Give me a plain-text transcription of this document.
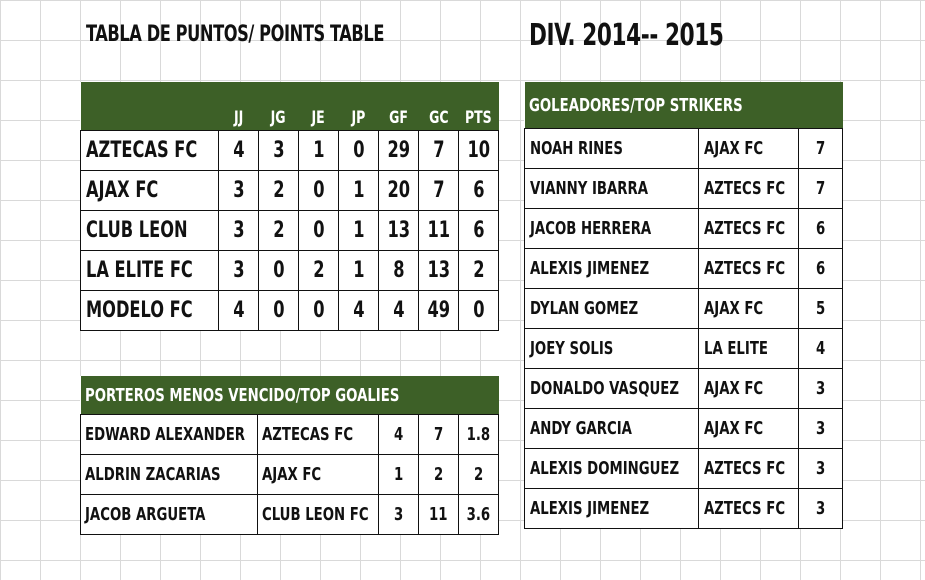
TABLA DE PUNTOS/ POINTS TABLE	DIV. 2014-- 2015
	JJ	JG	JE	JP	GF	GC	PTS
AZTECAS FC	4	3	1	0	29	7	10
AJAX FC	3	2	0	1	20	7	6
CLUB LEON	3	2	0	1	13	11	6
LA ELITE FC	3	0	2	1	8	13	2
MODELO FC	4	0	0	4	4	49	0
PORTEROS MENOS VENCIDO/TOP GOALIES				
EDWARD ALEXANDER	AZTECAS FC	4	7	1.8
ALDRIN ZACARIAS	AJAX FC	1	2	2
JACOB ARGUETA	CLUB LEON FC	3	11	3.6
GOLEADORES/TOP STRIKERS		
NOAH RINES	AJAX FC	7
VIANNY IBARRA	AZTECS FC	7
JACOB HERRERA	AZTECS FC	6
ALEXIS JIMENEZ	AZTECS FC	6
DYLAN GOMEZ	AJAX FC	5
JOEY SOLIS	LA ELITE	4
DONALDO VASQUEZ	AJAX FC	3
ANDY GARCIA	AJAX FC	3
ALEXIS DOMINGUEZ	AZTECS FC	3
ALEXIS JIMENEZ	AZTECS FC	3
